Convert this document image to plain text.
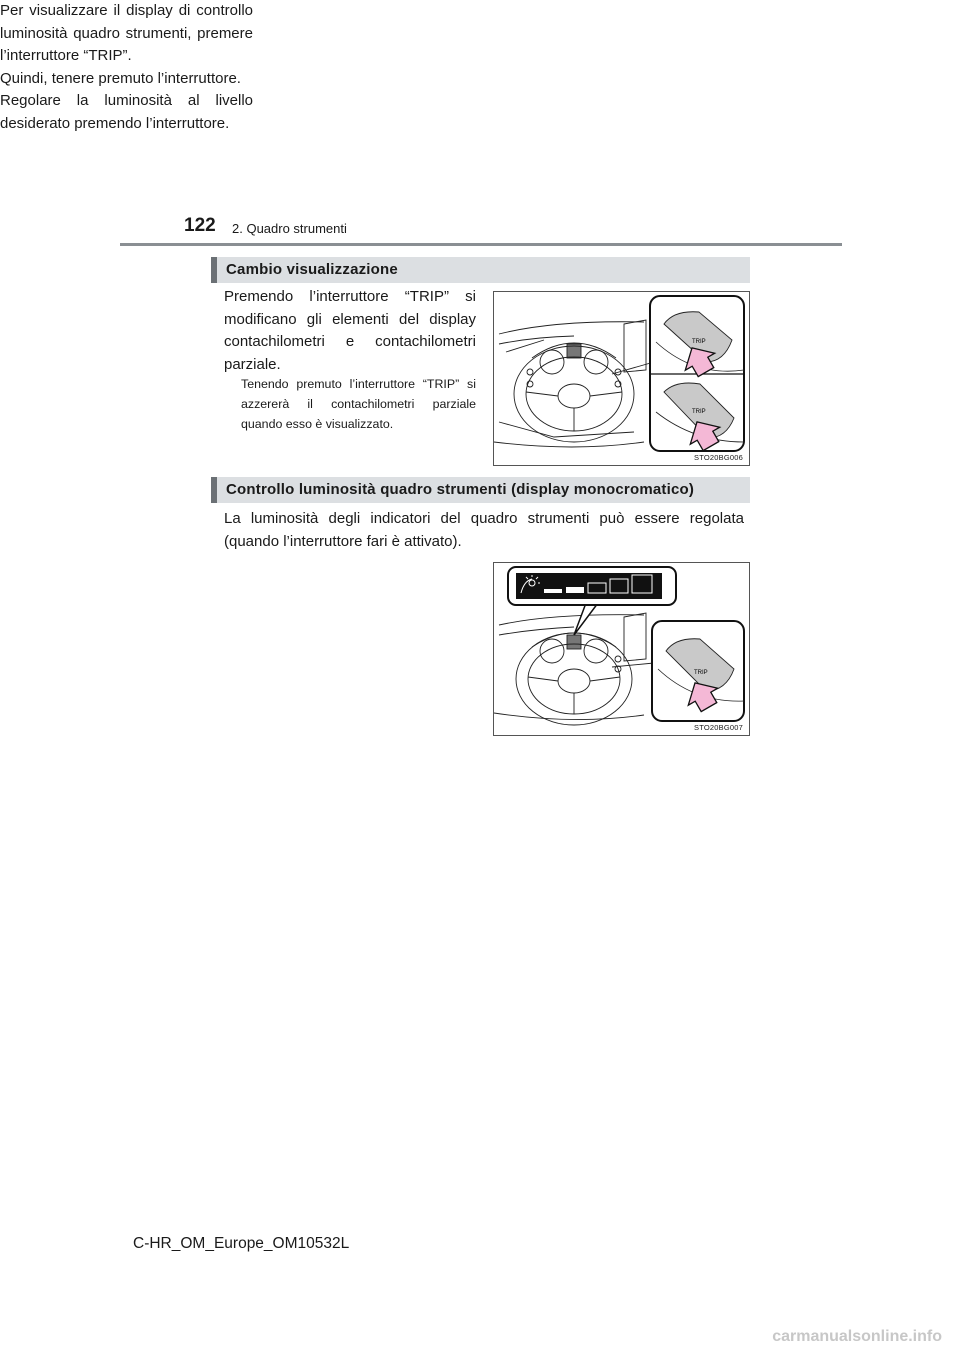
122 2. Quadro strumenti
Cambio visualizzazione

Premendo l’interruttore “TRIP” si modificano gli elementi del display contachilometri e contachilometri parziale.

Tenendo premuto l’interruttore “TRIP” si azzererà il contachilometri parziale quando esso è visualizzato.

TRIP
TRIP
STO20BG006
Controllo luminosità quadro strumenti (display monocromatico)

La luminosità degli indicatori del quadro strumenti può essere regolata (quando l’interruttore fari è attivato).

Per visualizzare il display di controllo luminosità quadro strumenti, premere l’interruttore “TRIP”.

Quindi, tenere premuto l’interruttore.

Regolare la luminosità al livello desiderato premendo l’interruttore.

TRIP
STO20BG007
C-HR_OM_Europe_OM10532L
carmanualsonline.info
